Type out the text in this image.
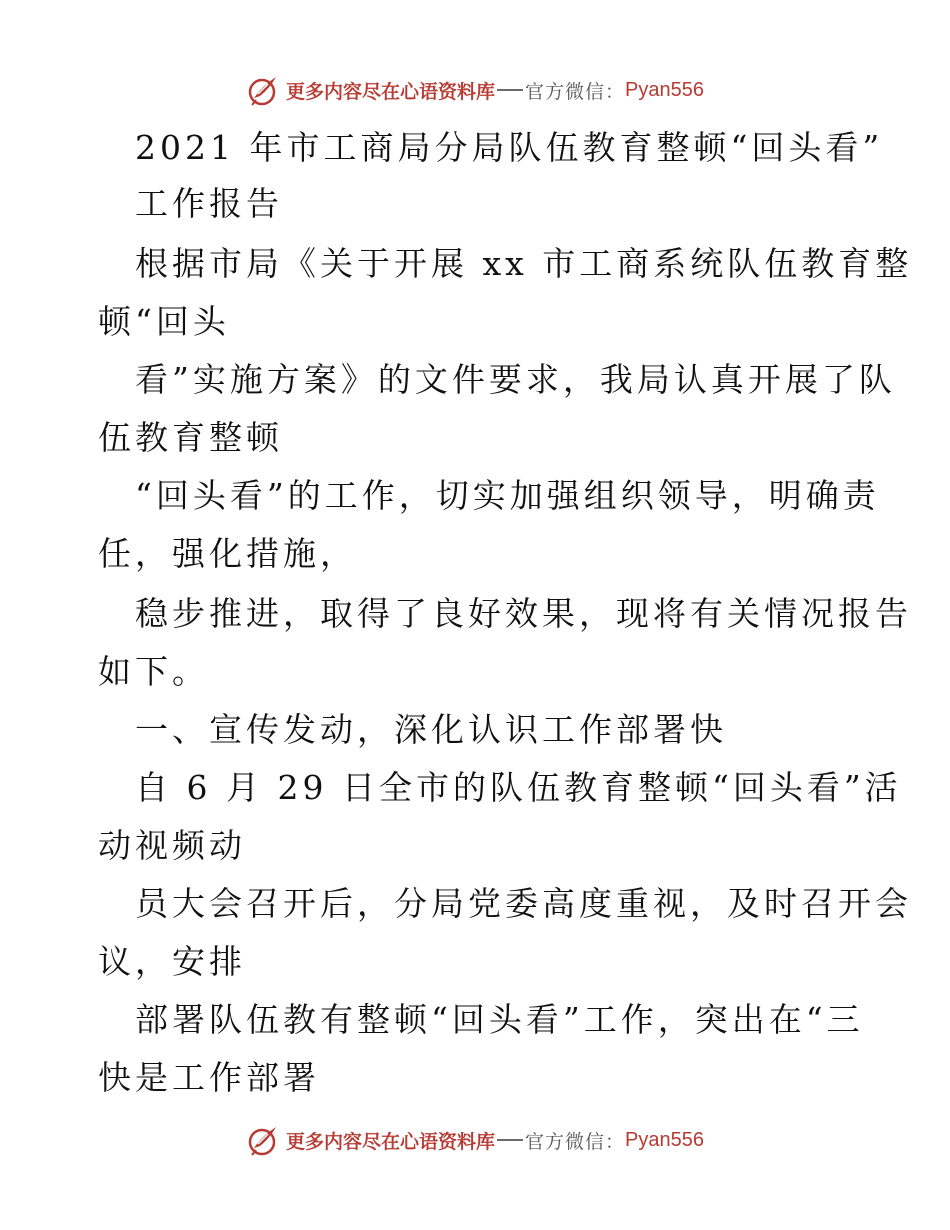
更多内容尽在心语资料库 官方微信： Pyan556
2021 年市工商局分局队伍教育整顿“回头看”
工作报告
根据市局《关于开展 xx 市工商系统队伍教育整
顿“回头
看”实施方案》的文件要求，我局认真开展了队
伍教育整顿
“回头看”的工作，切实加强组织领导，明确责
任，强化措施，
稳步推进，取得了良好效果，现将有关情况报告
如下。
一、宣传发动，深化认识工作部署快
自 6 月 29 日全市的队伍教育整顿“回头看”活
动视频动
员大会召开后，分局党委高度重视，及时召开会
议，安排
部署队伍教有整顿“回头看”工作，突出在“三
快是工作部署
更多内容尽在心语资料库 官方微信： Pyan556
